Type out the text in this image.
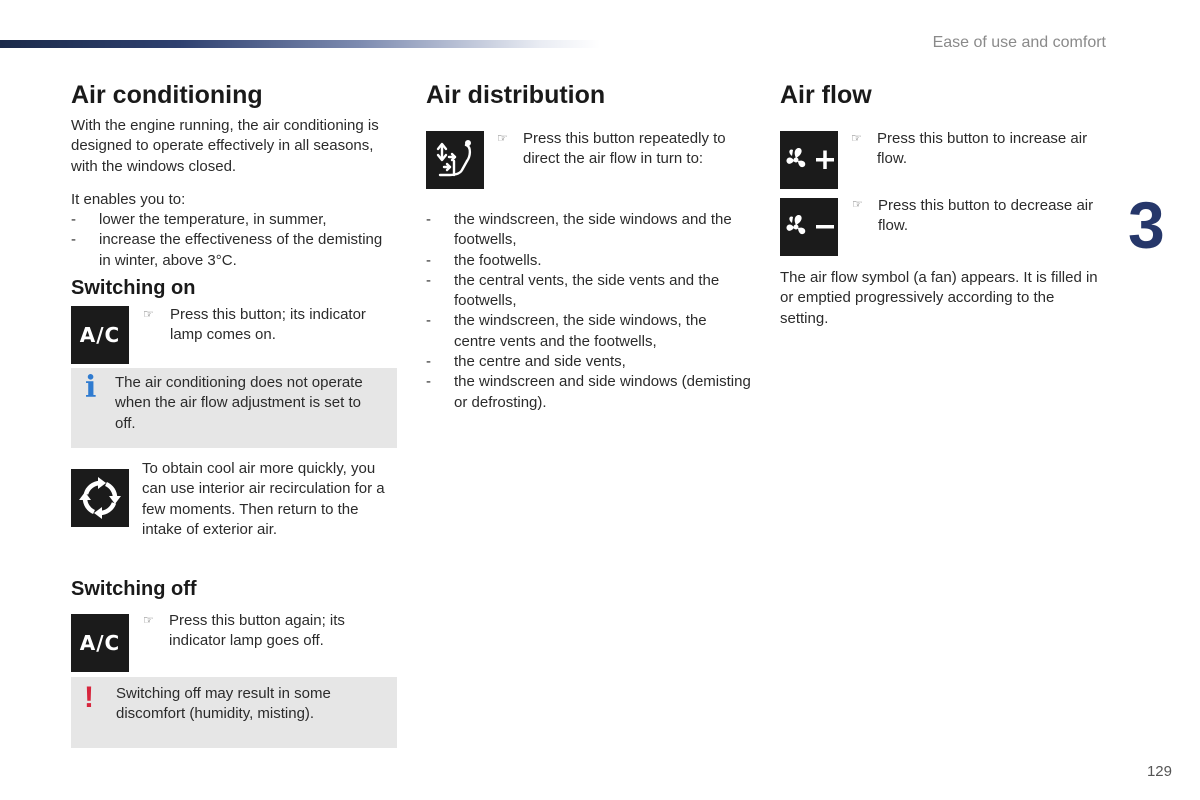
Ease of use and comfort
3
Air conditioning

With the engine running, the air conditioning is designed to operate effectively in all seasons, with the windows closed.

It enables you to:

- lower the temperature, in summer,
- increase the effectiveness of the demisting in winter, above 3°C.
Switching on
A/C
☞ Press this button; its indicator lamp comes on.

i The air conditioning does not operate when the air flow adjustment is set to off.

To obtain cool air more quickly, you can use interior air recirculation for a few moments. Then return to the intake of exterior air.

Switching off
A/C
☞ Press this button again; its indicator lamp goes off.

! Switching off may result in some discomfort (humidity, misting).

Air distribution
☞ Press this button repeatedly to direct the air flow in turn to:

- the windscreen, the side windows and the footwells,
- the footwells.
- the central vents, the side vents and the footwells,
- the windscreen, the side windows, the centre vents and the footwells,
- the centre and side vents,
- the windscreen and side windows (demisting or defrosting).
Air flow
☞ Press this button to increase air flow.

☞ Press this button to decrease air flow.

The air flow symbol (a fan) appears. It is filled in or emptied progressively according to the setting.

129
